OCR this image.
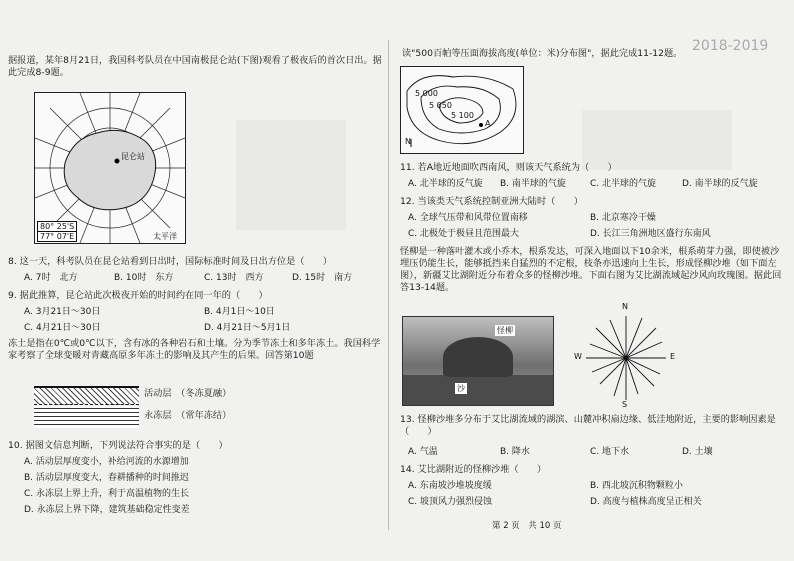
据报道，某年8月21日，我国科考队员在中国南极昆仑站(下图)观看了极夜后的首次日出。据此完成8-9题。
80° 25'S
77° 07'E
昆仑站
太平洋
8. 这一天，科考队员在昆仑站看到日出时，国际标准时间及日出方位是（　　）
A. 7时　北方	B. 10时　东方	C. 13时　西方	D. 15时　南方
9. 据此推算，昆仑站此次极夜开始的时间约在同一年的（　　）
A. 3月21日～30日	B. 4月1日～10日
C. 4月21日～30日	D. 4月21日～5月1日
冻土是指在0℃或0℃以下，含有冰的各种岩石和土壤。分为季节冻土和多年冻土。我国科学家考察了全球变暖对青藏高原多年冻土的影响及其产生的后果。回答第10题
活动层　（冬冻夏融）
永冻层　（常年冻结）
10. 据图文信息判断，下列说法符合事实的是（　　）
A. 活动层厚度变小，补给河流的水源增加
B. 活动层厚度变大，春耕播种的时间推迟
C. 永冻层上界上升，利于高温植物的生长
D. 永冻层上界下降，建筑基础稳定性变差
读"500百帕等压面海拔高度(单位：米)分布图"，据此完成11-12题。 2018-2019
5 000
5 050
5 100
A
N
11. 若A地近地面吹西南风，则该天气系统为（　　）
A. 北半球的反气旋 B. 南半球的气旋	C. 北半球的气旋	D. 南半球的反气旋
12. 当该类天气系统控制亚洲大陆时（　　）
A. 全球气压带和风带位置南移	B. 北京寒冷干燥
C. 北极处于极昼且范围最大	D. 长江三角洲地区盛行东南风
怪柳是一种落叶灌木或小乔木，根系发达，可深入地面以下10余米，根系萌芽力强，即使被沙埋压仍能生长，能够抵挡来自猛烈的不定根，枝条亦迅速向上生长，形成怪柳沙堆（如下面左图），新疆艾比湖附近分布着众多的怪柳沙堆。下面右图为艾比湖流域起沙风向玫瑰图。据此回答13-14题。
怪柳
沙
N
S
E
W
13. 怪柳沙堆多分布于艾比湖流域的湖滨、山麓冲积扇边缘、低洼地附近，主要的影响因素是（　　）
A. 气温	B. 降水	C. 地下水	D. 土壤
14. 艾比湖附近的怪柳沙堆（　　）
A. 东南坡沙堆坡度缓	B. 西北坡沉积物颗粒小
C. 坡顶风力强烈侵蚀	D. 高度与植株高度呈正相关
第 2 页　共 10 页
